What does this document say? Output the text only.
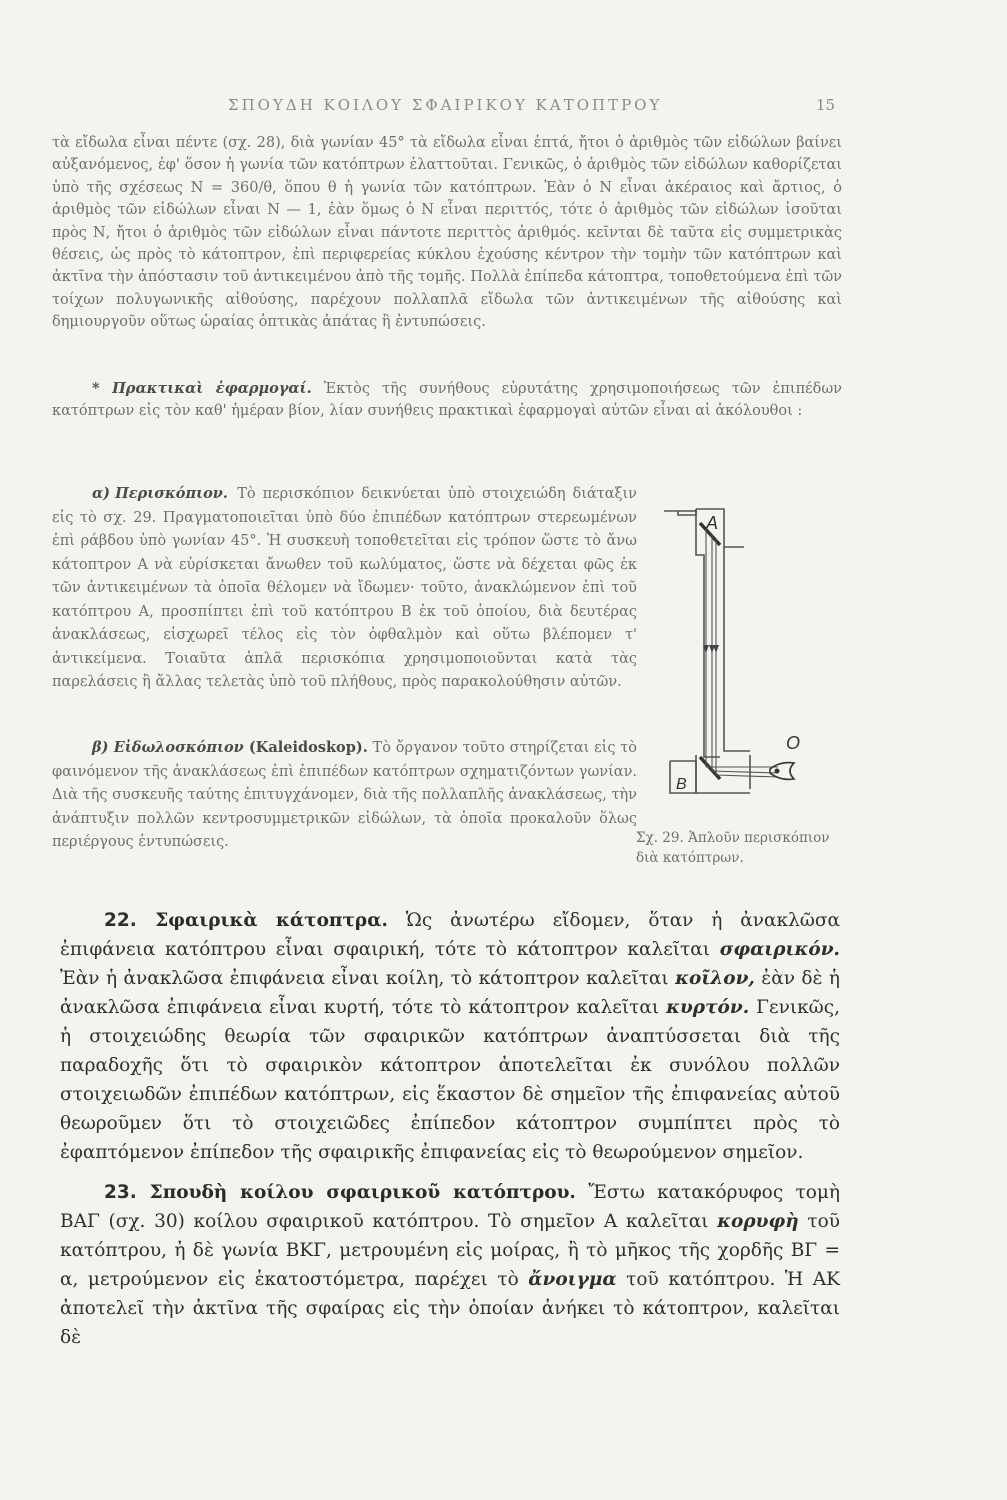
ΣΠΟΥΔΗ ΚΟΙΛΟΥ ΣΦΑΙΡΙΚΟΥ ΚΑΤΟΠΤΡΟΥ	15

τὰ εἴδωλα εἶναι πέντε (σχ. 28), διὰ γωνίαν 45° τὰ εἴδωλα εἶναι ἑπτά, ἤτοι ὁ ἀριθμὸς τῶν εἰδώλων βαίνει αὐξανόμενος, ἐφ' ὅσον ἡ γωνία τῶν κατόπτρων ἐλαττοῦται. Γενικῶς, ὁ ἀριθμὸς τῶν εἰδώλων καθορίζεται ὑπὸ τῆς σχέσεως Ν = 360/θ, ὅπου θ ἡ γωνία τῶν κατόπτρων. Ἐὰν ὁ Ν εἶναι ἀκέραιος καὶ ἄρτιος, ὁ ἀριθμὸς τῶν εἰδώλων εἶναι Ν — 1, ἐὰν ὅμως ὁ Ν εἶναι περιττός, τότε ὁ ἀριθμὸς τῶν εἰδώλων ἰσοῦται πρὸς Ν, ἤτοι ὁ ἀριθμὸς τῶν εἰδώλων εἶναι πάντοτε περιττὸς ἀριθμός. κεῖνται δὲ ταῦτα εἰς συμμετρικὰς θέσεις, ὡς πρὸς τὸ κάτοπτρον, ἐπὶ περιφερείας κύκλου ἐχούσης κέντρον τὴν τομὴν τῶν κατόπτρων καὶ ἀκτῖνα τὴν ἀπόστασιν τοῦ ἀντικειμένου ἀπὸ τῆς τομῆς. Πολλὰ ἐπίπεδα κάτοπτρα, τοποθετούμενα ἐπὶ τῶν τοίχων πολυγωνικῆς αἰθούσης, παρέχουν πολλαπλᾶ εἴδωλα τῶν ἀντικειμένων τῆς αἰθούσης καὶ δημιουργοῦν οὕτως ὡραίας ὀπτικὰς ἀπάτας ἢ ἐντυπώσεις.

* Πρακτικαὶ ἐφαρμογαί. Ἐκτὸς τῆς συνήθους εὐρυτάτης χρησιμοποιήσεως τῶν ἐπιπέδων κατόπτρων εἰς τὸν καθ' ἡμέραν βίον, λίαν συνήθεις πρακτικαὶ ἐφαρμογαὶ αὐτῶν εἶναι αἱ ἀκόλουθοι :

α) Περισκόπιον. Τὸ περισκόπιον δεικνύεται ὑπὸ στοιχειώδη διάταξιν εἰς τὸ σχ. 29. Πραγματοποιεῖται ὑπὸ δύο ἐπιπέδων κατόπτρων στερεωμένων ἐπὶ ράβδου ὑπὸ γωνίαν 45°. Ἡ συσκευὴ τοποθετεῖται εἰς τρόπον ὥστε τὸ ἄνω κάτοπτρον Α νὰ εὑρίσκεται ἄνωθεν τοῦ κωλύματος, ὥστε νὰ δέχεται φῶς ἐκ τῶν ἀντικειμένων τὰ ὁποῖα θέλομεν νὰ ἴδωμεν· τοῦτο, ἀνακλώμενον ἐπὶ τοῦ κατόπτρου Α, προσπίπτει ἐπὶ τοῦ κατόπτρου Β ἐκ τοῦ ὁποίου, διὰ δευτέρας ἀνακλάσεως, εἰσχωρεῖ τέλος εἰς τὸν ὀφθαλμὸν καὶ οὕτω βλέπομεν τ' ἀντικείμενα. Τοιαῦτα ἁπλᾶ περισκόπια χρησιμοποιοῦνται κατὰ τὰς παρελάσεις ἢ ἄλλας τελετὰς ὑπὸ τοῦ πλήθους, πρὸς παρακολούθησιν αὐτῶν.

β) Εἰδωλοσκόπιον (Kaleidoskop). Τὸ ὄργανον τοῦτο στηρίζεται εἰς τὸ φαινόμενον τῆς ἀνακλάσεως ἐπὶ ἐπιπέδων κατόπτρων σχηματιζόντων γωνίαν. Διὰ τῆς συσκευῆς ταύτης ἐπιτυγχάνομεν, διὰ τῆς πολλαπλῆς ἀνακλάσεως, τὴν ἀνάπτυξιν πολλῶν κεντροσυμμετρικῶν εἰδώλων, τὰ ὁποῖα προκαλοῦν ὅλως περιέργους ἐντυπώσεις.

A
B
O
Σχ. 29. Ἁπλοῦν περισκόπιον διὰ κατόπτρων.

22. Σφαιρικὰ κάτοπτρα. Ὡς ἀνωτέρω εἴδομεν, ὅταν ἡ ἀνακλῶσα ἐπιφάνεια κατόπτρου εἶναι σφαιρική, τότε τὸ κάτοπτρον καλεῖται σφαιρικόν. Ἐὰν ἡ ἀνακλῶσα ἐπιφάνεια εἶναι κοίλη, τὸ κάτοπτρον καλεῖται κοῖλον, ἐὰν δὲ ἡ ἀνακλῶσα ἐπιφάνεια εἶναι κυρτή, τότε τὸ κάτοπτρον καλεῖται κυρτόν. Γενικῶς, ἡ στοιχειώδης θεωρία τῶν σφαιρικῶν κατόπτρων ἀναπτύσσεται διὰ τῆς παραδοχῆς ὅτι τὸ σφαιρικὸν κάτοπτρον ἀποτελεῖται ἐκ συνόλου πολλῶν στοιχειωδῶν ἐπιπέδων κατόπτρων, εἰς ἕκαστον δὲ σημεῖον τῆς ἐπιφανείας αὐτοῦ θεωροῦμεν ὅτι τὸ στοιχειῶδες ἐπίπεδον κάτοπτρον συμπίπτει πρὸς τὸ ἐφαπτόμενον ἐπίπεδον τῆς σφαιρικῆς ἐπιφανείας εἰς τὸ θεωρούμενον σημεῖον.

23. Σπουδὴ κοίλου σφαιρικοῦ κατόπτρου. Ἔστω κατακόρυφος τομὴ ΒΑΓ (σχ. 30) κοίλου σφαιρικοῦ κατόπτρου. Τὸ σημεῖον Α καλεῖται κορυφὴ τοῦ κατόπτρου, ἡ δὲ γωνία ΒΚΓ, μετρουμένη εἰς μοίρας, ἢ τὸ μῆκος τῆς χορδῆς ΒΓ = α, μετρούμενον εἰς ἑκατοστόμετρα, παρέχει τὸ ἄνοιγμα τοῦ κατόπτρου. Ἡ ΑΚ ἀποτελεῖ τὴν ἀκτῖνα τῆς σφαίρας εἰς τὴν ὁποίαν ἀνήκει τὸ κάτοπτρον, καλεῖται δὲ
